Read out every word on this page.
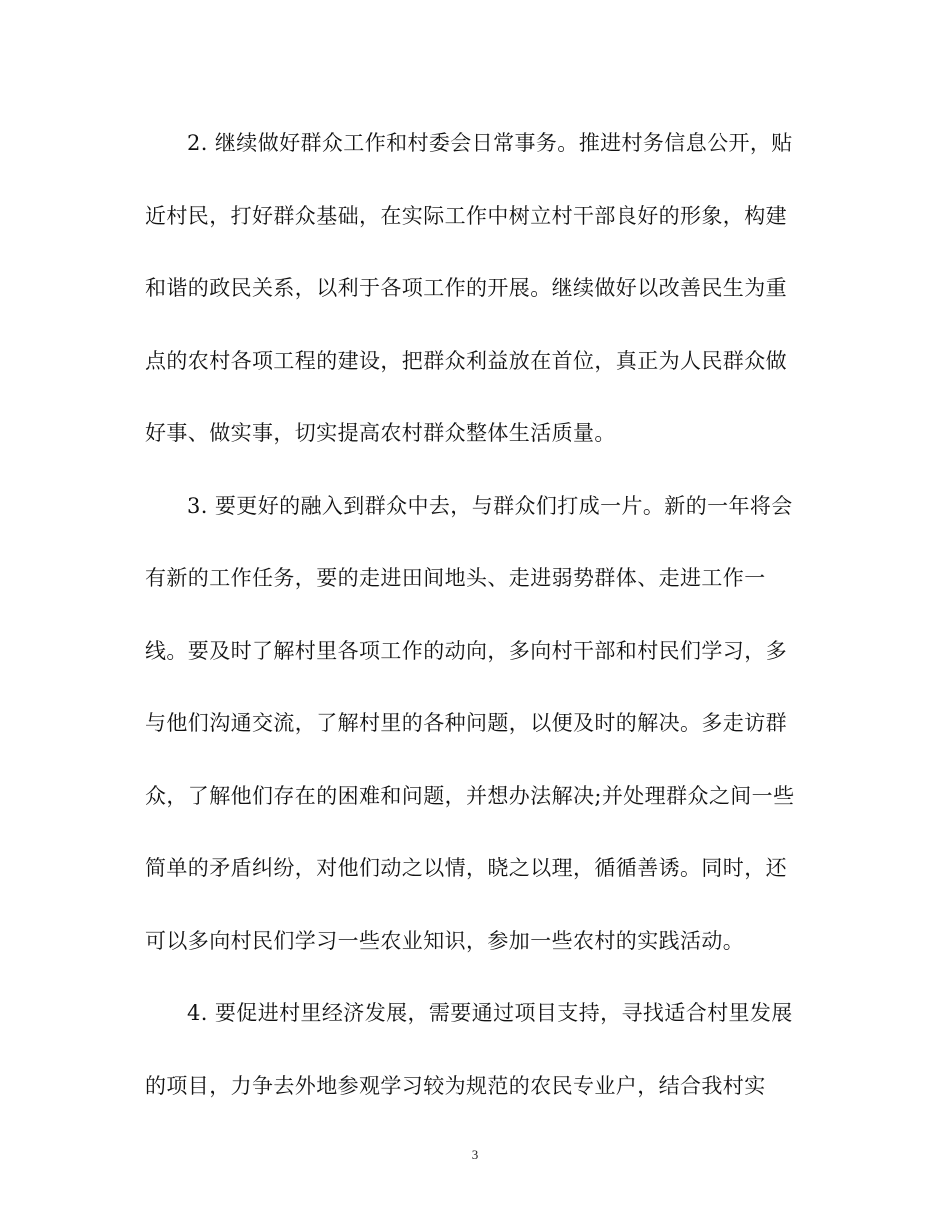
2. 继续做好群众工作和村委会日常事务。推进村务信息公开，贴
近村民，打好群众基础，在实际工作中树立村干部良好的形象，构建
和谐的政民关系，以利于各项工作的开展。继续做好以改善民生为重
点的农村各项工程的建设，把群众利益放在首位，真正为人民群众做
好事、做实事，切实提高农村群众整体生活质量。
3. 要更好的融入到群众中去，与群众们打成一片。新的一年将会
有新的工作任务，要的走进田间地头、走进弱势群体、走进工作一
线。要及时了解村里各项工作的动向，多向村干部和村民们学习，多
与他们沟通交流，了解村里的各种问题，以便及时的解决。多走访群
众，了解他们存在的困难和问题，并想办法解决;并处理群众之间一些
简单的矛盾纠纷，对他们动之以情，晓之以理，循循善诱。同时，还
可以多向村民们学习一些农业知识，参加一些农村的实践活动。
4. 要促进村里经济发展，需要通过项目支持，寻找适合村里发展
的项目，力争去外地参观学习较为规范的农民专业户，结合我村实
3
